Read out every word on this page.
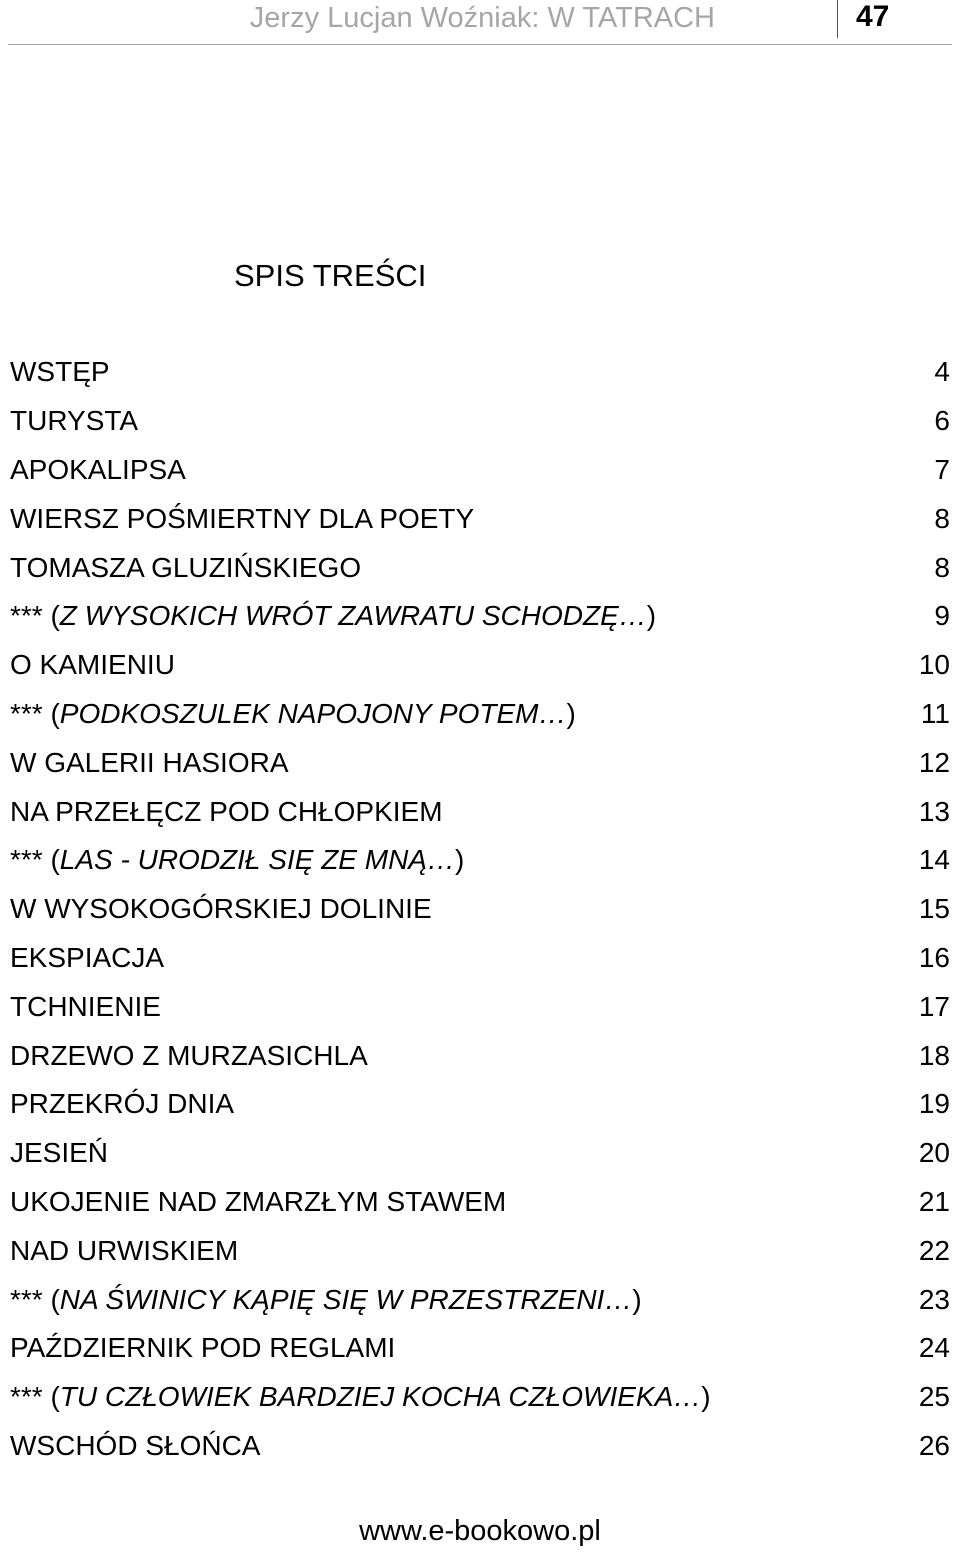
Jerzy Lucjan Woźniak: W TATRACH	47
SPIS TREŚCI
WSTĘP	4
TURYSTA	6
APOKALIPSA	7
WIERSZ POŚMIERTNY DLA POETY	8
TOMASZA GLUZIŃSKIEGO	8
*** (Z WYSOKICH WRÓT ZAWRATU SCHODZĘ…)	9
O KAMIENIU	10
*** (PODKOSZULEK NAPOJONY POTEM…)	11
W GALERII HASIORA	12
NA PRZEŁĘCZ POD CHŁOPKIEM	13
*** (LAS - URODZIŁ SIĘ ZE MNĄ…)	14
W WYSOKOGÓRSKIEJ DOLINIE	15
EKSPIACJA	16
TCHNIENIE	17
DRZEWO Z MURZASICHLA	18
PRZEKRÓJ DNIA	19
JESIEŃ	20
UKOJENIE NAD ZMARZŁYM STAWEM	21
NAD URWISKIEM	22
*** (NA ŚWINICY KĄPIĘ SIĘ W PRZESTRZENI…)	23
PAŹDZIERNIK POD REGLAMI	24
*** (TU CZŁOWIEK BARDZIEJ KOCHA CZŁOWIEKA…)	25
WSCHÓD SŁOŃCA	26
www.e-bookowo.pl
